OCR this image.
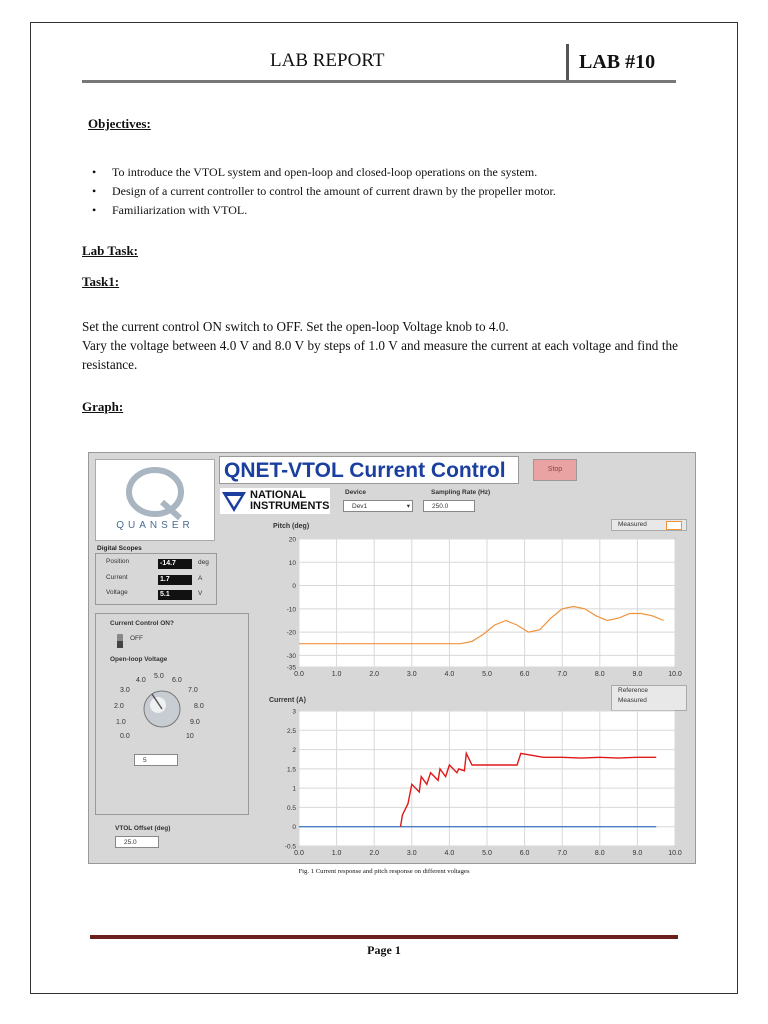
LAB REPORT	LAB #10
Objectives:
• To introduce the VTOL system and open-loop and closed-loop operations on the system.
• Design of a current controller to control the amount of current drawn by the propeller motor.
• Familiarization with VTOL.
Lab Task:
Task1:
Set the current control ON switch to OFF. Set the open-loop Voltage knob to 4.0.
Vary the voltage between 4.0 V and 8.0 V by steps of 1.0 V and measure the current at each voltage and find the resistance.
Graph:
QUANSER
QNET-VTOL Current Control	Stop
NATIONAL
INSTRUMENTS
Device
Dev1	▾
Sampling Rate (Hz)
250.0
Digital Scopes
Position	-14.7	deg
Current	1.7	A
Voltage	5.1	V
Current Control ON?
OFF
Open-loop Voltage
0.0
1.0
2.0
3.0
4.0
5.0
6.0
7.0
8.0
9.0
10
5
VTOL Offset (deg)
25.0
Pitch (deg)	Measured
0.0	1.0	2.0	3.0	4.0	5.0	6.0	7.0	8.0	9.0	10.0
20
10
0
-10
-20
-30
-35
Current (A)
Reference
Measured
0.0	1.0	2.0	3.0	4.0	5.0	6.0	7.0	8.0	9.0	10.0
3
2.5
2
1.5
1
0.5
0
-0.5
Fig. 1 Current response and pitch response on different voltages
Page 1
